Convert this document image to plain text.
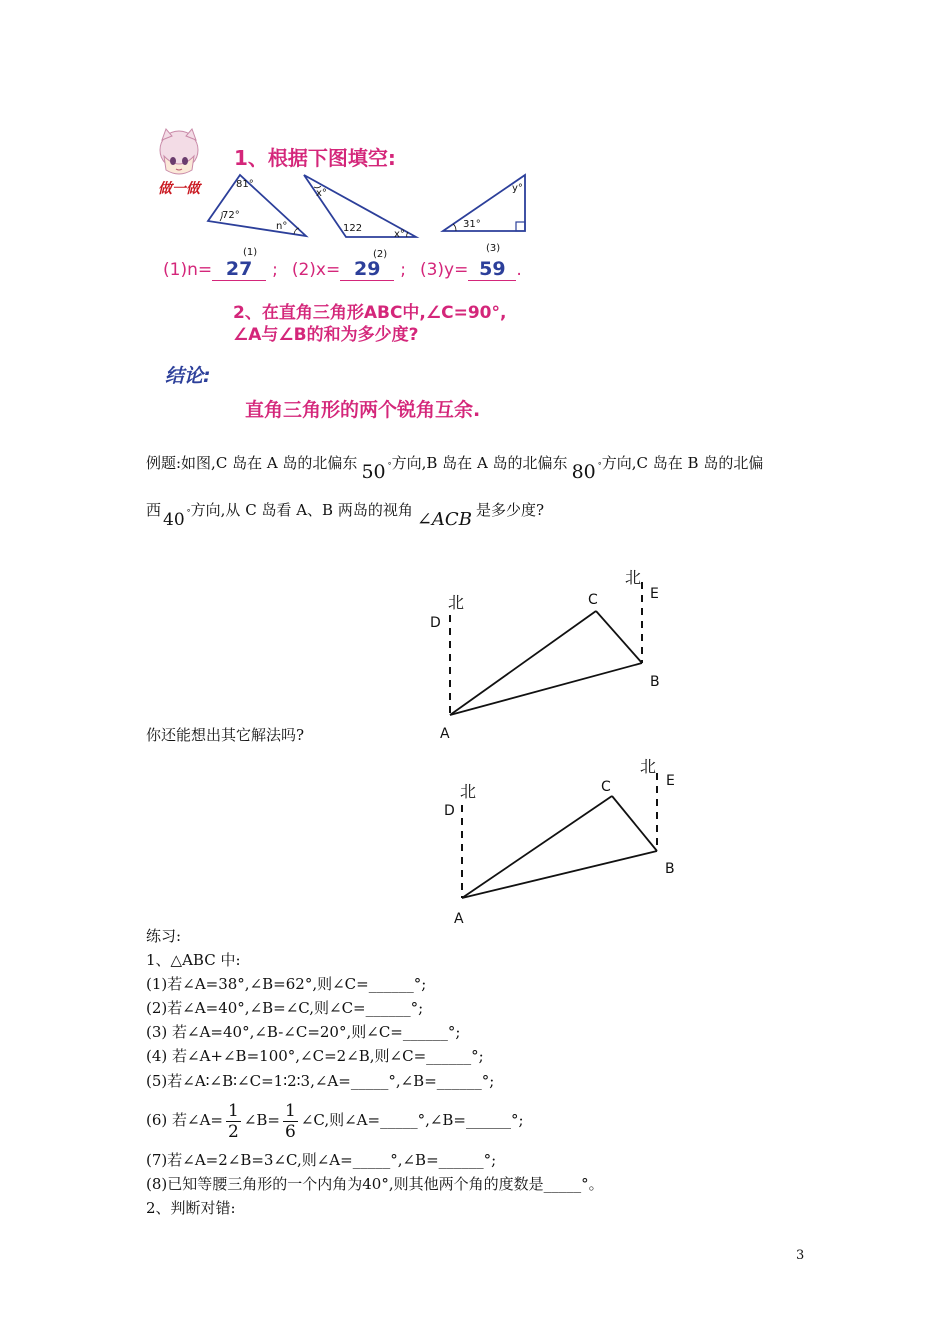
做一做
1、根据下图填空:
81°
72°
n°
x°
122
x°
y°
31°
(1)	(2)
(3)
(1)n= 27 ; (2)x= 29 ; (3)y= 59 .
2、在直角三角形ABC中,∠C=90°,
∠A与∠B的和为多少度?
结论:
直角三角形的两个锐角互余.
例题:如图,C 岛在 A 岛的北偏东 50 °方向,B 岛在 A 岛的北偏东 80 °方向,C 岛在 B 岛的北偏
西 40 °方向,从 C 岛看 A、B 两岛的视角 ∠ACB 是多少度?
北
北
D
E
C
B
A
你还能想出其它解法吗?
北
北
D
E
C
B
A
练习:
1、△ABC 中:
(1)若∠A=38°,∠B=62°,则∠C=______°;
(2)若∠A=40°,∠B=∠C,则∠C=______°;
(3) 若∠A=40°,∠B-∠C=20°,则∠C=______°;
(4) 若∠A+∠B=100°,∠C=2∠B,则∠C=______°;
(5)若∠A∶∠B∶∠C=1∶2∶3,∠A=_____°,∠B=______°;
(6) 若∠A= $\frac{1}{2}$ ∠B= $\frac{1}{6}$ ∠C,则∠A=_____°,∠B=______°;
(7)若∠A=2∠B=3∠C,则∠A=_____°,∠B=______°;
(8)已知等腰三角形的一个内角为40°,则其他两个角的度数是_____°。
2、判断对错:
3
